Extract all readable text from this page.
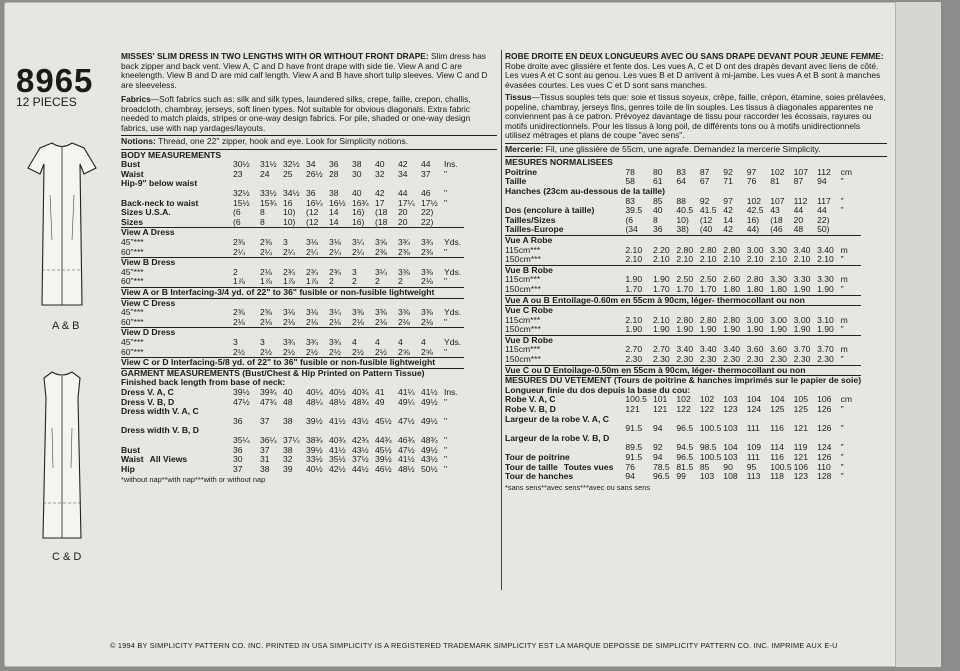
8965
12 PIECES
A & B
C & D
MISSES' SLIM DRESS IN TWO LENGTHS WITH OR WITHOUT FRONT DRAPE: Slim dress has back zipper and back vent. View A, C and D have front drape with side tie. View A and C are kneelength. View B and D are mid calf length. View A and B have short tulip sleeves. View C and D are sleeveless.
Fabrics—Soft fabrics such as: silk and silk types, laundered silks, crepe, faille, crepon, challis, broadcloth, chambray, jerseys, soft linen types. Not suitable for obvious diagonals. Extra fabric needed to match plaids, stripes or one-way design fabrics. For pile, shaded or one-way design fabrics, use with nap yardages/layouts.
Notions: Thread, one 22" zipper, hook and eye. Look for Simplicity notions.
BODY MEASUREMENTS										
Bust	30½	31½	32½	34	36	38	40	42	44	Ins.
Waist	23	24	25	26½	28	30	32	34	37	"
Hip-9" below waist										
	32½	33½	34½	36	38	40	42	44	46	"
Back-neck to waist	15½	15¾	16	16¼	16½	16¾	17	17¼	17½	"
Sizes U.S.A.	(6	8	10)	(12	14	16)	(18	20	22)	
Sizes	(6	8	10)	(12	14	16)	(18	20	22)	
View A Dress										
45"***	2⅜	2⅜	3	3⅛	3⅛	3¼	3⅝	3¾	3¾	Yds.
60"***	2¼	2¼	2¼	2¼	2¼	2¼	2⅜	2⅜	2⅜	"
View B Dress										
45"***	2	2⅛	2¾	2¾	2¾	3	3¼	3⅜	3⅜	Yds.
60"***	1⅞	1⅞	1⅞	1⅞	2	2	2	2	2⅛	"
View A or B Interfacing-3/4 yd. of 22" to 36" fusible or non-fusible lightweight										
View C Dress										
45"***	2⅜	2⅜	3⅛	3⅛	3¼	3⅜	3⅜	3⅜	3⅜	Yds.
60"***	2⅛	2⅛	2⅛	2⅛	2⅛	2⅛	2⅛	2⅛	2⅛	"
View D Dress										
45"***	3	3	3¾	3¾	3¾	4	4	4	4	Yds.
60"***	2½	2½	2½	2½	2½	2½	2½	2⅝	2⅝	"
View C or D Interfacing-5/8 yd. of 22" to 36" fusible or non-fusible lightweight										
GARMENT MEASUREMENTS (Bust/Chest & Hip Printed on Pattern Tissue)										
Finished back length from base of neck:										
Dress V. A, C	39½	39¾	40	40¼	40½	40¾	41	41¼	41½	Ins.
Dress V. B, D	47½	47¾	48	48¼	48½	48¾	49	49¼	49½	"
Dress width V. A, C										
	36	37	38	39½	41½	43½	45½	47½	49½	"
Dress width V. B, D										
	35¼	36¼	37¼	38¾	40¾	42¾	44¾	46¾	48¾	"
Bust	36	37	38	39½	41½	43½	45½	47½	49½	"
Waist All Views	30	31	32	33½	35½	37½	39½	41½	43½	"
Hip	37	38	39	40½	42½	44½	46½	48½	50½	"
*without nap**with nap***with or without nap
ROBE DROITE EN DEUX LONGUEURS AVEC OU SANS DRAPE DEVANT POUR JEUNE FEMME: Robe droite avec glissière et fente dos. Les vues A, C et D ont des drapés devant avec liens de côté. Les vues A et C sont au genou. Les vues B et D arrivent à mi-jambe. Les vues A et B sont à manches évasées courtes. Les vues C et D sont sans manches.
Tissus—Tissus souples tels que: soie et tissus soyeux, crêpe, faille, crépon, étamine, soies prélavées, popeline, chambray, jerseys fins, genres toile de lin souples. Les tissus à diagonales apparentes ne conviennent pas à ce patron. Prévoyez davantage de tissu pour raccorder les écossais, rayures ou motifs unidirectionnels. Pour les tissus à long poil, de différents tons ou à motifs unidirectionnels utilisez métrages et plans de coupe "avec sens".
Mercerie: Fil, une glissière de 55cm, une agrafe. Demandez la mercerie Simplicity.
MESURES NORMALISEES										
Poitrine	78	80	83	87	92	97	102	107	112	cm
Taille	58	61	64	67	71	76	81	87	94	"
Hanches (23cm au-dessous de la taille)										
	83	85	88	92	97	102	107	112	117	"
Dos (encolure à taille)	39.5	40	40.5	41.5	42	42.5	43	44	44	"
Tailles/Sizes	(6	8	10)	(12	14	16)	(18	20	22)	
Tailles-Europe	(34	36	38)	(40	42	44)	(46	48	50)	
Vue A Robe										
115cm***	2.10	2.20	2.80	2.80	2.80	3.00	3.30	3.40	3.40	m
150cm***	2.10	2.10	2.10	2.10	2.10	2.10	2.10	2.10	2.10	"
Vue B Robe										
115cm***	1.90	1.90	2.50	2.50	2.60	2.80	3.30	3.30	3.30	m
150cm***	1.70	1.70	1.70	1.70	1.80	1.80	1.80	1.90	1.90	"
Vue A ou B Entoilage-0.60m en 55cm à 90cm, léger- thermocollant ou non										
Vue C Robe										
115cm***	2.10	2.10	2.80	2.80	2.80	3.00	3.00	3.00	3.10	m
150cm***	1.90	1.90	1.90	1.90	1.90	1.90	1.90	1.90	1.90	"
Vue D Robe										
115cm***	2.70	2.70	3.40	3.40	3.40	3.60	3.60	3.70	3.70	m
150cm***	2.30	2.30	2.30	2.30	2.30	2.30	2.30	2.30	2.30	"
Vue C ou D Entoilage-0.50m en 55cm à 90cm, léger- thermocollant ou non										
MESURES DU VETEMENT (Tours de poitrine & hanches imprimés sur le papier de soie)										
Longueur finie du dos depuis la base du cou:										
Robe V. A, C	100.5	101	102	102	103	104	104	105	106	cm
Robe V. B, D	121	121	122	122	123	124	125	125	126	"
Largeur de la robe V. A, C										
	91.5	94	96.5	100.5	103	111	116	121	126	"
Largeur de la robe V. B, D										
	89.5	92	94.5	98.5	104	109	114	119	124	"
Tour de poitrine	91.5	94	96.5	100.5	103	111	116	121	126	"
Tour de taille Toutes vues	76	78.5	81.5	85	90	95	100.5	106	110	"
Tour de hanches	94	96.5	99	103	108	113	118	123	128	"
*sans sens**avec sens***avec ou sans sens
© 1994 BY SIMPLICITY PATTERN CO. INC. PRINTED IN USA SIMPLICITY IS A REGISTERED TRADEMARK SIMPLICITY EST LA MARQUE DEPOSSE DE SIMPLICITY PATTERN CO. INC. IMPRIME AUX E-U
